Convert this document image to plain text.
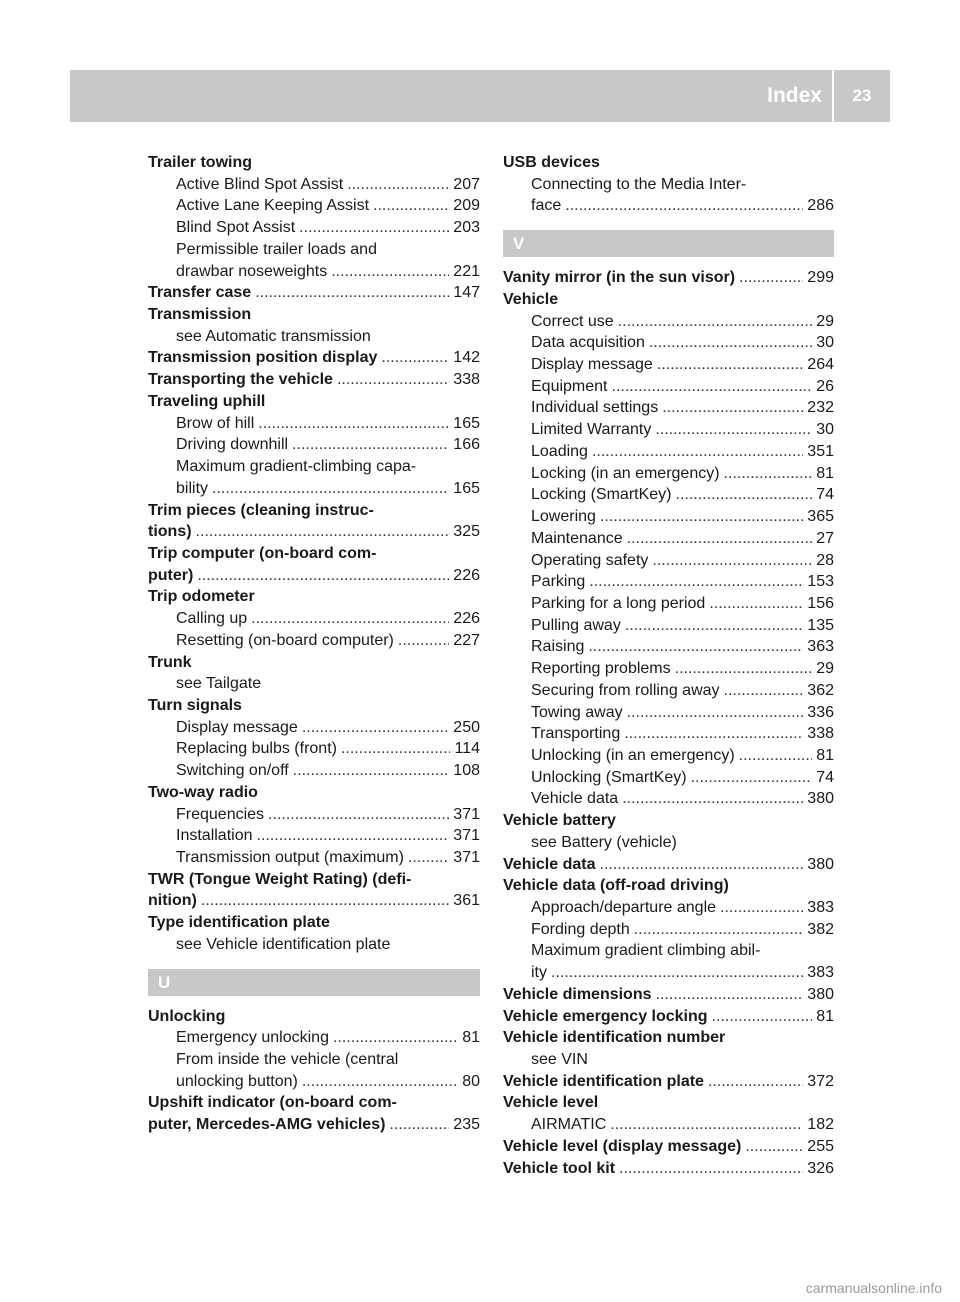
Index	23
Trailer towing
Active Blind Spot Assist .....	207
Active Lane Keeping Assist .....	209
Blind Spot Assist .....	203
Permissible trailer loads and
drawbar noseweights .....	221
Transfer case .....	147
Transmission
see Automatic transmission
Transmission position display .....	142
Transporting the vehicle .....	338
Traveling uphill
Brow of hill .....	165
Driving downhill .....	166
Maximum gradient-climbing capa-
bility .....	165
Trim pieces (cleaning instruc-
tions) .....	325
Trip computer (on-board com-
puter) .....	226
Trip odometer
Calling up .....	226
Resetting (on-board computer) .....	227
Trunk
see Tailgate
Turn signals
Display message .....	250
Replacing bulbs (front) .....	114
Switching on/off .....	108
Two-way radio
Frequencies .....	371
Installation .....	371
Transmission output (maximum) .....	371
TWR (Tongue Weight Rating) (defi-
nition) .....	361
Type identification plate
see Vehicle identification plate
U
Unlocking
Emergency unlocking .....	81
From inside the vehicle (central
unlocking button) .....	80
Upshift indicator (on-board com-
puter, Mercedes-AMG vehicles) .....	235
USB devices
Connecting to the Media Inter-
face .....	286
V
Vanity mirror (in the sun visor) .....	299
Vehicle
Correct use .....	29
Data acquisition .....	30
Display message .....	264
Equipment .....	26
Individual settings .....	232
Limited Warranty .....	30
Loading .....	351
Locking (in an emergency) .....	81
Locking (SmartKey) .....	74
Lowering .....	365
Maintenance .....	27
Operating safety .....	28
Parking .....	153
Parking for a long period .....	156
Pulling away .....	135
Raising .....	363
Reporting problems .....	29
Securing from rolling away .....	362
Towing away .....	336
Transporting .....	338
Unlocking (in an emergency) .....	81
Unlocking (SmartKey) .....	74
Vehicle data .....	380
Vehicle battery
see Battery (vehicle)
Vehicle data .....	380
Vehicle data (off-road driving)
Approach/departure angle .....	383
Fording depth .....	382
Maximum gradient climbing abil-
ity .....	383
Vehicle dimensions .....	380
Vehicle emergency locking .....	81
Vehicle identification number
see VIN
Vehicle identification plate .....	372
Vehicle level
AIRMATIC .....	182
Vehicle level (display message) .....	255
Vehicle tool kit .....	326
carmanualsonline.info
